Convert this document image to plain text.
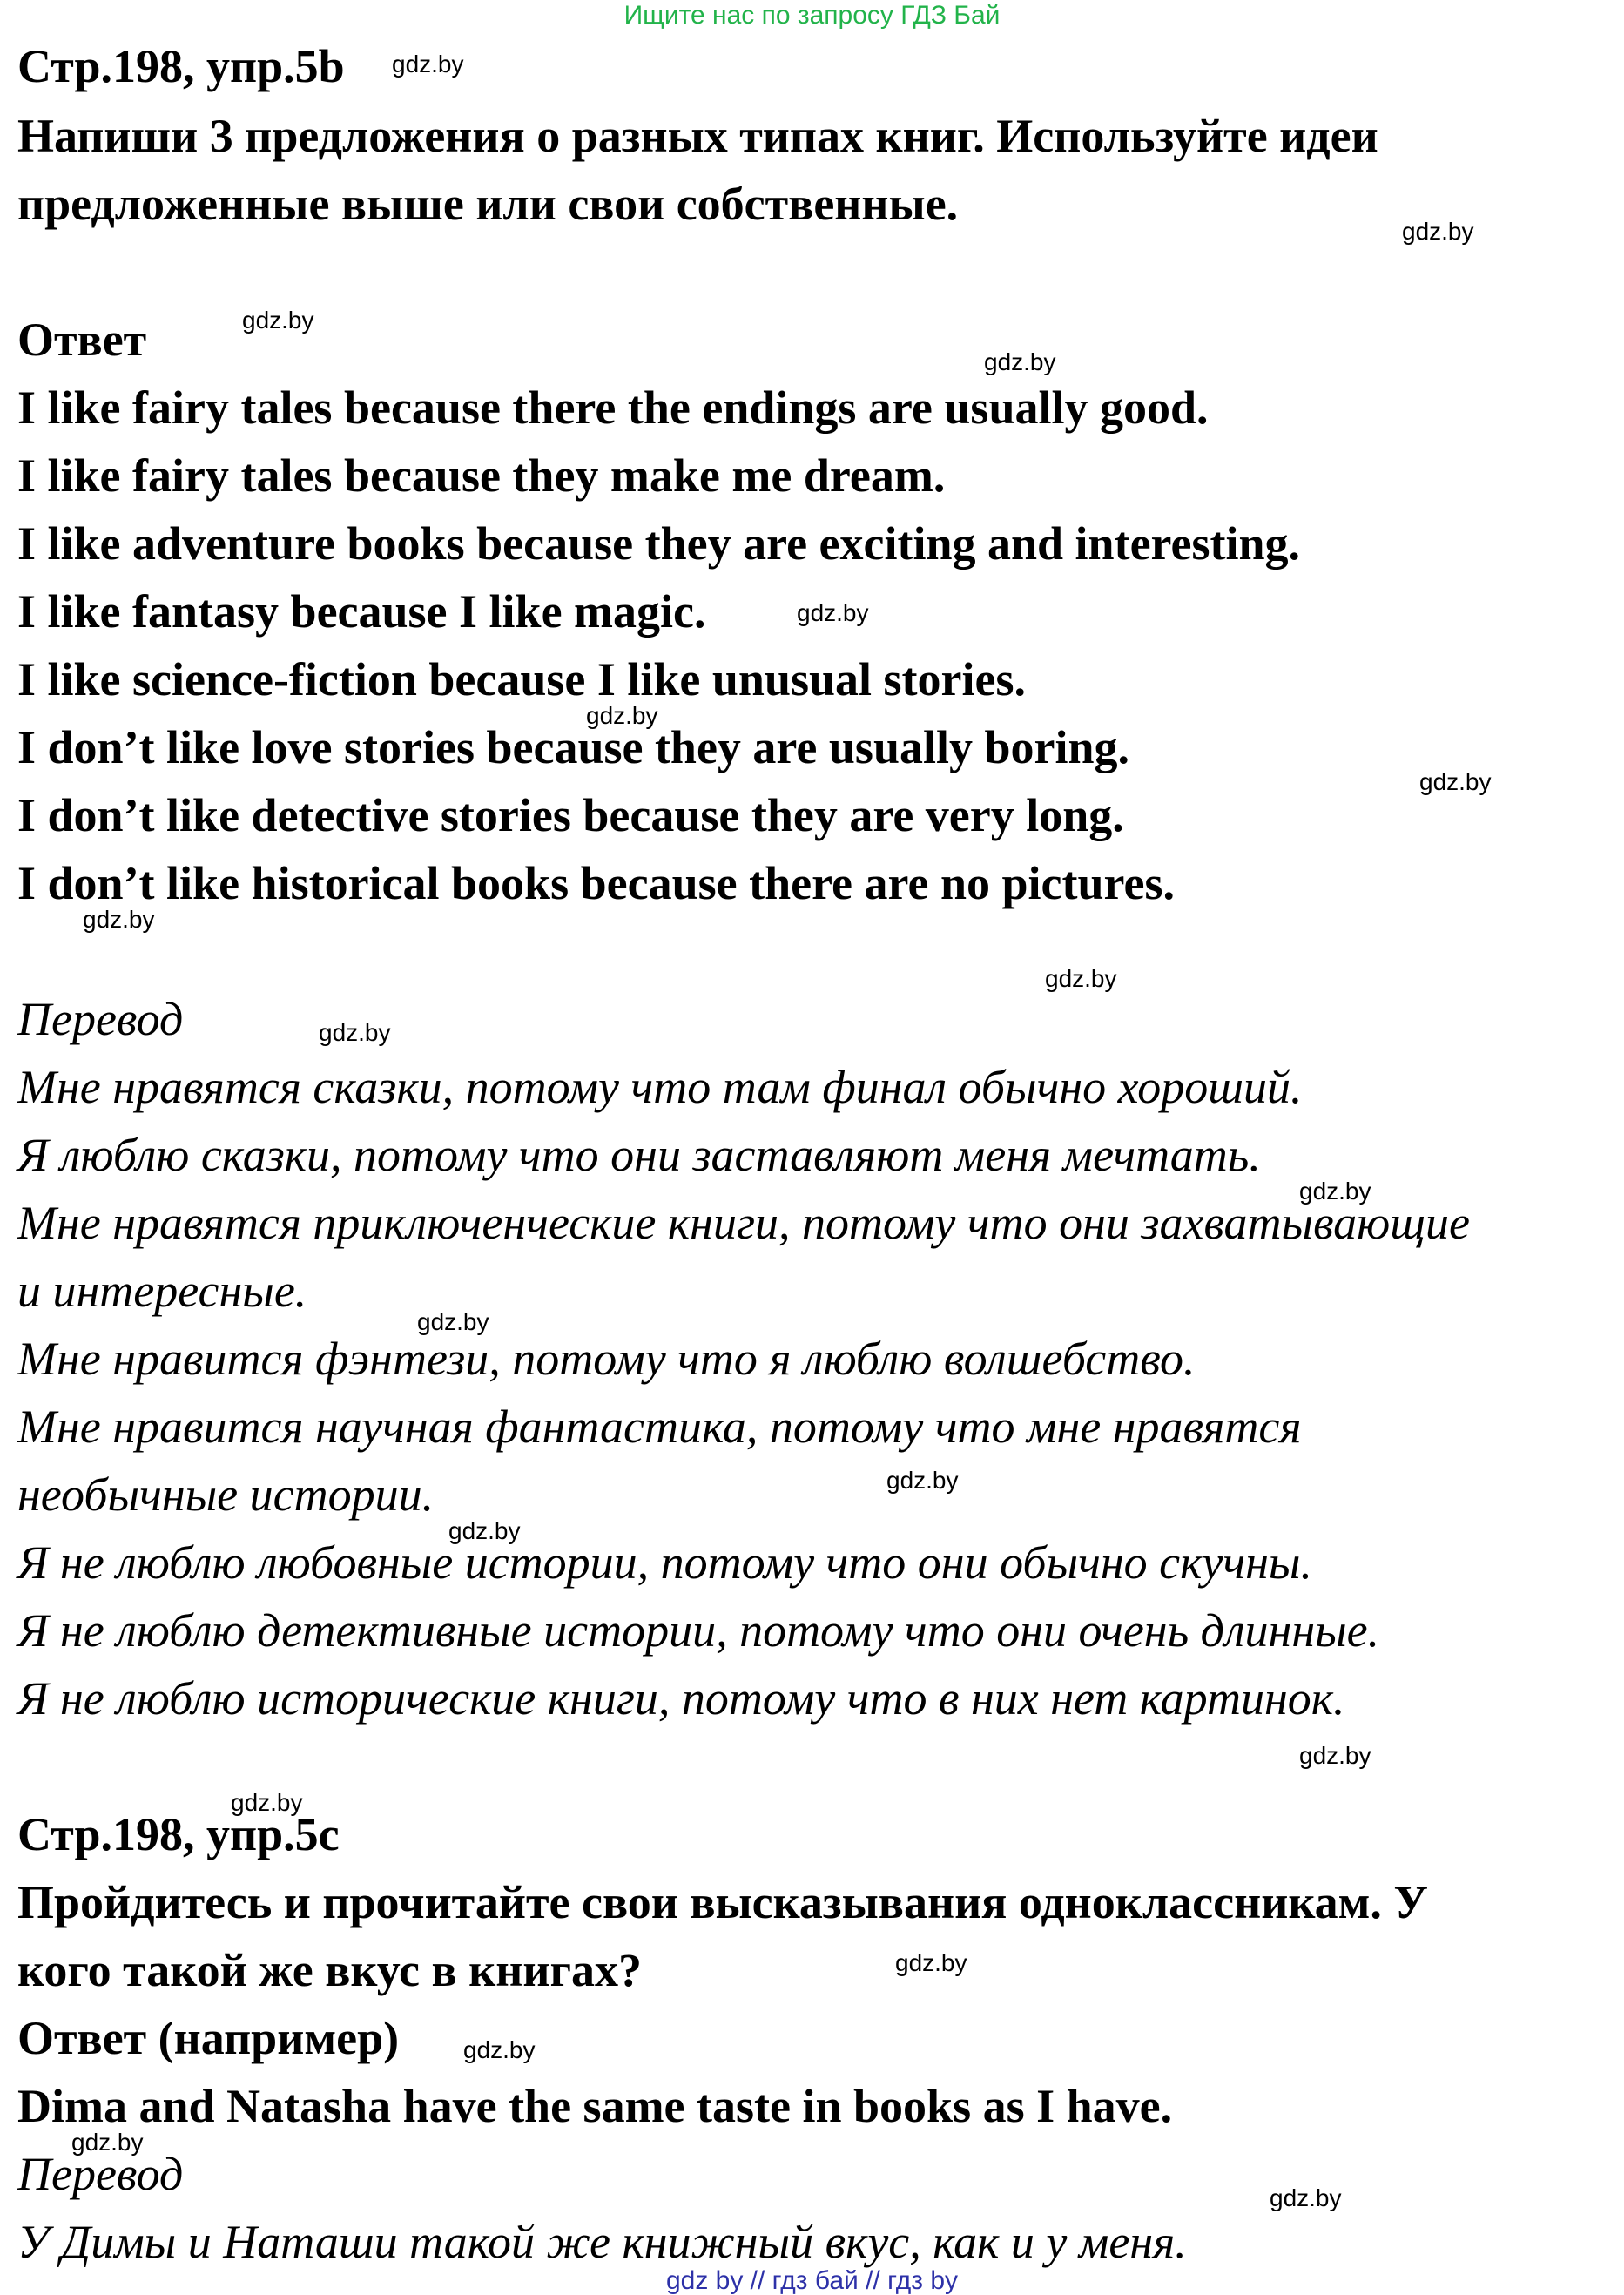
Ищите нас по запросу ГДЗ Бай
Стр.198, упр.5b
Напиши 3 предложения о разных типах книг. Используйте идеи
предложенные выше или свои собственные.
Ответ
I like fairy tales because there the endings are usually good.
I like fairy tales because they make me dream.
I like adventure books because they are exciting and interesting.
I like fantasy because I like magic.
I like science-fiction because I like unusual stories.
I don’t like love stories because they are usually boring.
I don’t like detective stories because they are very long.
I don’t like historical books because there are no pictures.
Перевод
Мне нравятся сказки, потому что там финал обычно хороший.
Я люблю сказки, потому что они заставляют меня мечтать.
Мне нравятся приключенческие книги, потому что они захватывающие
и интересные.
Мне нравится фэнтези, потому что я люблю волшебство.
Мне нравится научная фантастика, потому что мне нравятся
необычные истории.
Я не люблю любовные истории, потому что они обычно скучны.
Я не люблю детективные истории, потому что они очень длинные.
Я не люблю исторические книги, потому что в них нет картинок.
Стр.198, упр.5c
Пройдитесь и прочитайте свои высказывания одноклассникам. У
кого такой же вкус в книгах?
Ответ (например)
Dima and Natasha have the same taste in books as I have.
Перевод
У Димы и Наташи такой же книжный вкус, как и у меня.
gdz.by
gdz.by
gdz.by
gdz.by
gdz.by
gdz.by
gdz.by
gdz.by
gdz.by
gdz.by
gdz.by
gdz.by
gdz.by
gdz.by
gdz.by
gdz.by
gdz.by
gdz.by
gdz.by
gdz.by
gdz by // гдз бай // гдз by
